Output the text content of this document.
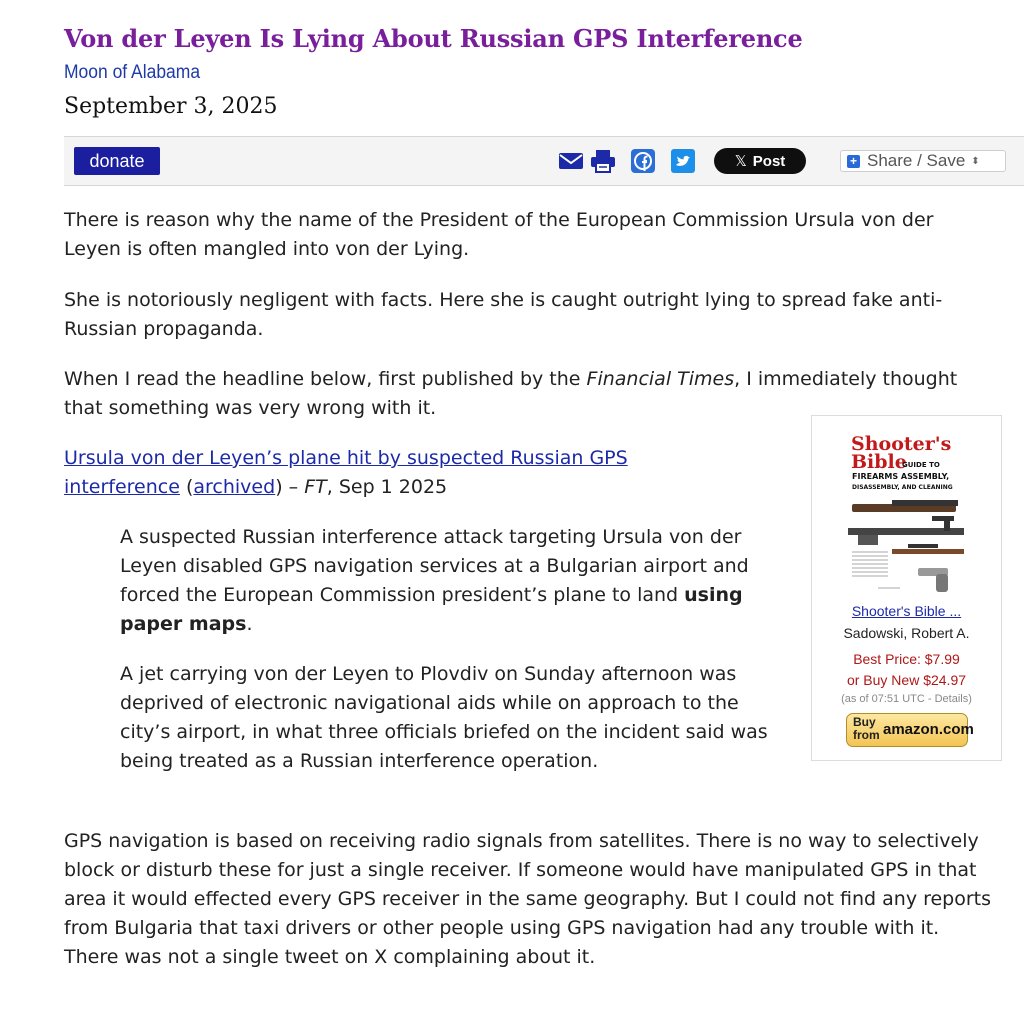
Von der Leyen Is Lying About Russian GPS Interference
Moon of Alabama
September 3, 2025
donate	𝕏 Post	+ Share / Save ⬍

There is reason why the name of the President of the European Commission Ursula von der Leyen is often mangled into von der Lying.

She is notoriously negligent with facts. Here she is caught outright lying to spread fake anti-Russian propaganda.

When I read the headline below, first published by the Financial Times, I immediately thought that something was very wrong with it.

Ursula von der Leyen’s plane hit by suspected Russian GPS interference (archived) – FT, Sep 1 2025

A suspected Russian interference attack targeting Ursula von der Leyen disabled GPS navigation services at a Bulgarian airport and forced the European Commission president’s plane to land using paper maps.

A jet carrying von der Leyen to Plovdiv on Sunday afternoon was deprived of electronic navigational aids while on approach to the city’s airport, in what three officials briefed on the incident said was being treated as a Russian interference operation.

GPS navigation is based on receiving radio signals from satellites. There is no way to selectively block or disturb these for just a single receiver. If someone would have manipulated GPS in that area it would effected every GPS receiver in the same geography. But I could not find any reports from Bulgaria that taxi drivers or other people using GPS navigation had any trouble with it. There was not a single tweet on X complaining about it.

Shooter's
Bible
GUIDE TO
FIREARMS ASSEMBLY,
DISASSEMBLY, AND CLEANING
Shooter's Bible ...
Sadowski, Robert A.
Best Price: $7.99
or Buy New $24.97
(as of 07:51 UTC - Details)
Buy from amazon.com
